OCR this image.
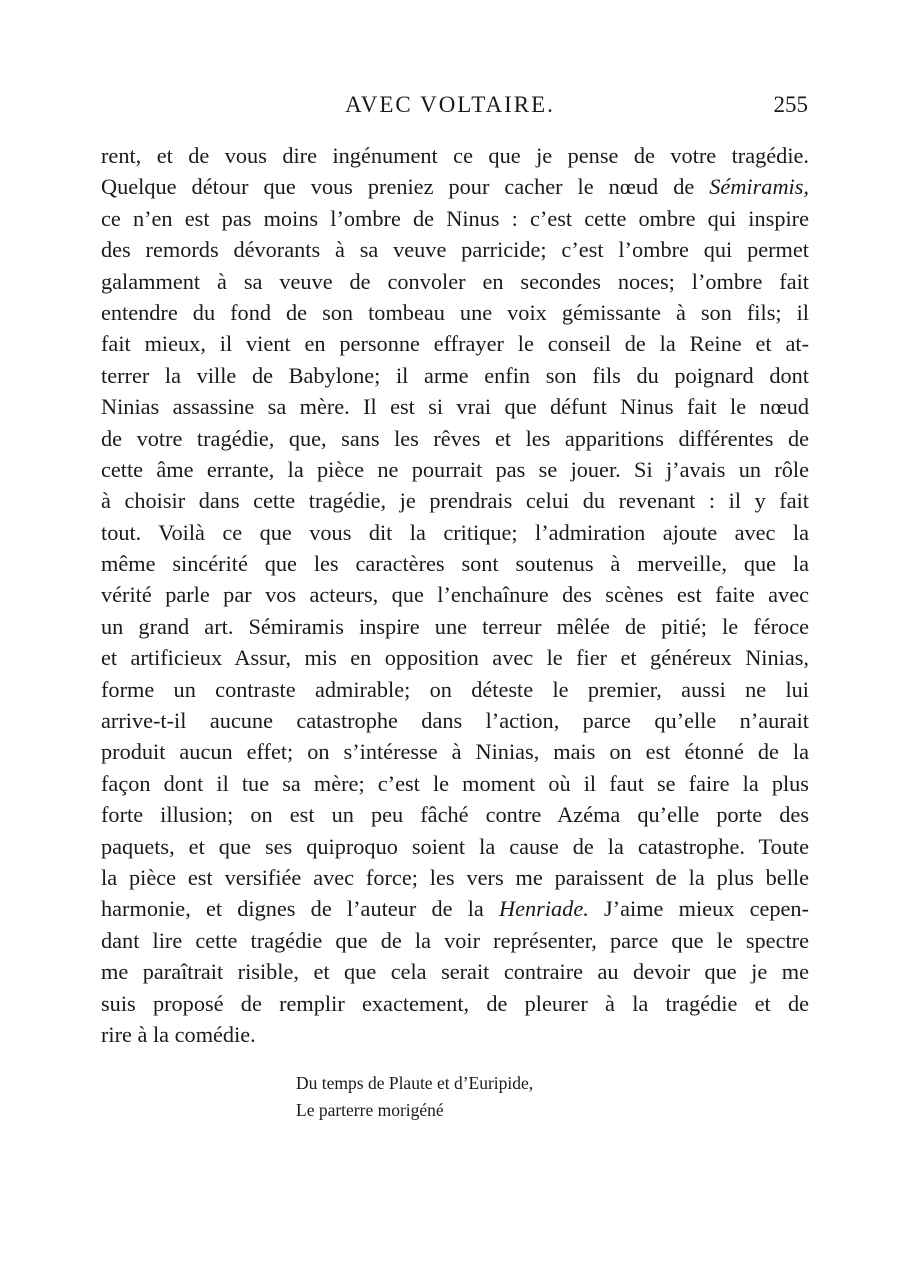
AVEC VOLTAIRE.	255
rent, et de vous dire ingénument ce que je pense de votre tragédie.
Quelque détour que vous preniez pour cacher le nœud de Sémiramis,
ce n’en est pas moins l’ombre de Ninus : c’est cette ombre qui inspire
des remords dévorants à sa veuve parricide; c’est l’ombre qui permet
galamment à sa veuve de convoler en secondes noces; l’ombre fait
entendre du fond de son tombeau une voix gémissante à son fils; il
fait mieux, il vient en personne effrayer le conseil de la Reine et at-
terrer la ville de Babylone; il arme enfin son fils du poignard dont
Ninias assassine sa mère. Il est si vrai que défunt Ninus fait le nœud
de votre tragédie, que, sans les rêves et les apparitions différentes de
cette âme errante, la pièce ne pourrait pas se jouer. Si j’avais un rôle
à choisir dans cette tragédie, je prendrais celui du revenant : il y fait
tout. Voilà ce que vous dit la critique; l’admiration ajoute avec la
même sincérité que les caractères sont soutenus à merveille, que la
vérité parle par vos acteurs, que l’enchaînure des scènes est faite avec
un grand art. Sémiramis inspire une terreur mêlée de pitié; le féroce
et artificieux Assur, mis en opposition avec le fier et généreux Ninias,
forme un contraste admirable; on déteste le premier, aussi ne lui
arrive-t-il aucune catastrophe dans l’action, parce qu’elle n’aurait
produit aucun effet; on s’intéresse à Ninias, mais on est étonné de la
façon dont il tue sa mère; c’est le moment où il faut se faire la plus
forte illusion; on est un peu fâché contre Azéma qu’elle porte des
paquets, et que ses quiproquo soient la cause de la catastrophe. Toute
la pièce est versifiée avec force; les vers me paraissent de la plus belle
harmonie, et dignes de l’auteur de la Henriade. J’aime mieux cepen-
dant lire cette tragédie que de la voir représenter, parce que le spectre
me paraîtrait risible, et que cela serait contraire au devoir que je me
suis proposé de remplir exactement, de pleurer à la tragédie et de
rire à la comédie.
Du temps de Plaute et d’Euripide,
Le parterre morigéné
